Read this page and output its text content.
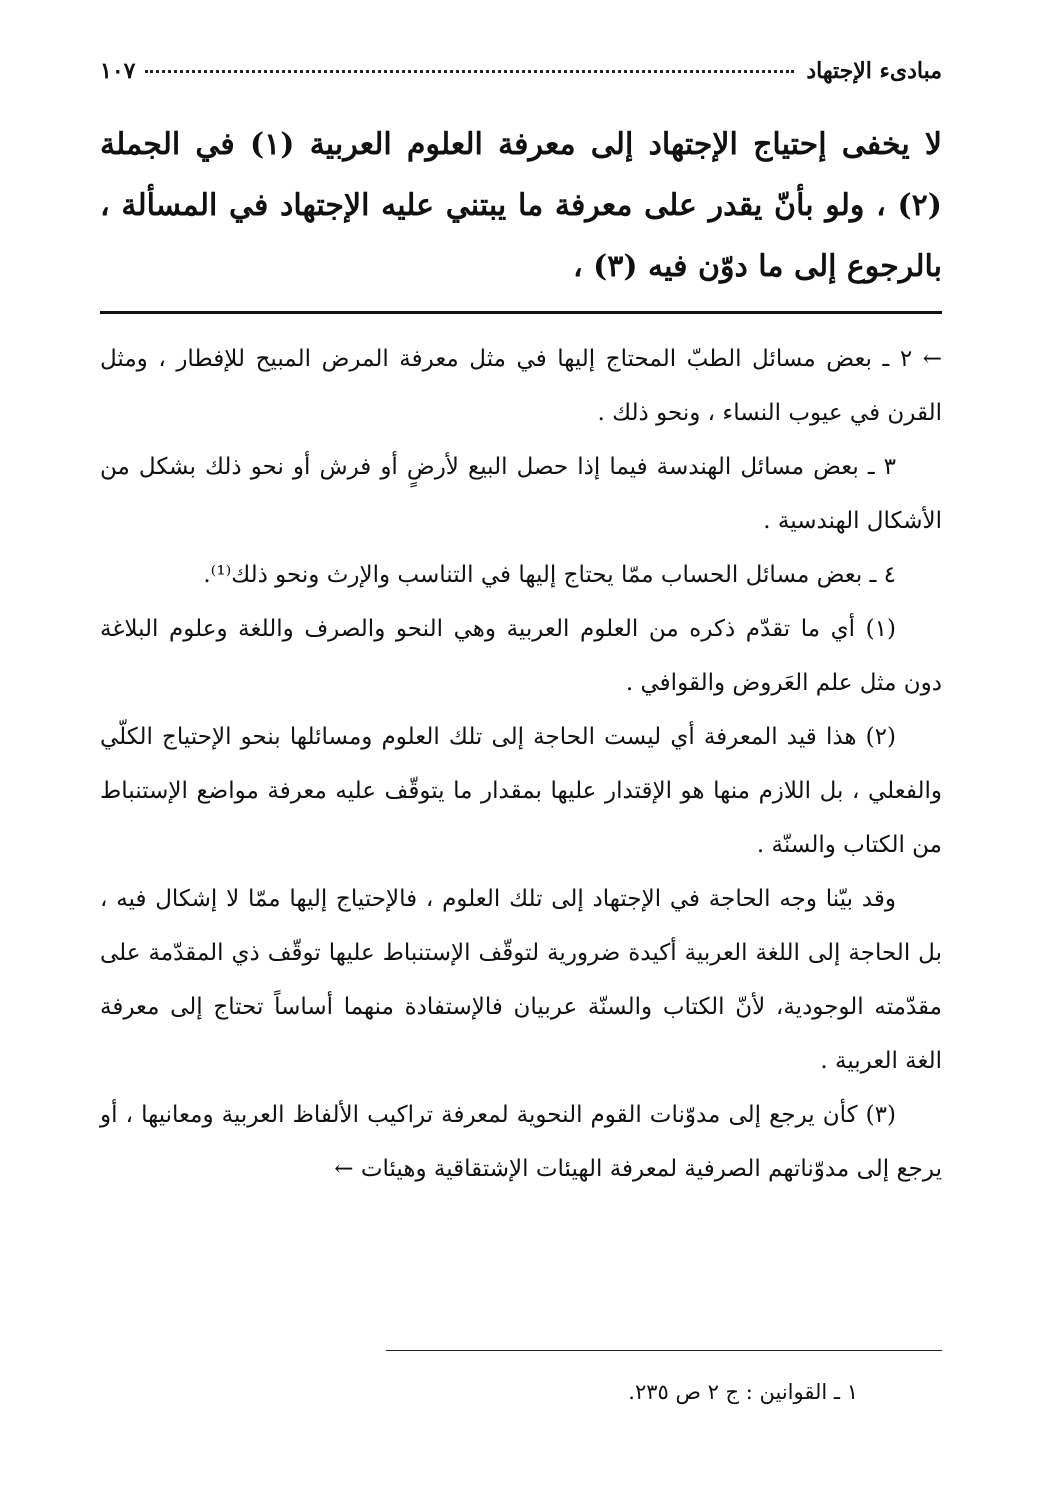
مبادىء الإجتهاد
١٠٧

لا يخفى إحتياج الإجتهاد إلى معرفة العلوم العربية (١) في الجملة (٢) ، ولو بأنّ يقدر على معرفة ما يبتني عليه الإجتهاد في المسألة ، بالرجوع إلى ما دوّن فيه (٣) ،

← ٢ ـ بعض مسائل الطبّ المحتاج إليها في مثل معرفة المرض المبيح للإفطار ، ومثل القرن في عيوب النساء ، ونحو ذلك .

٣ ـ بعض مسائل الهندسة فيما إذا حصل البيع لأرضٍ أو فرش أو نحو ذلك بشكل من الأشكال الهندسية .

٤ ـ بعض مسائل الحساب ممّا يحتاج إليها في التناسب والإرث ونحو ذلك⁽¹⁾.

(١) أي ما تقدّم ذكره من العلوم العربية وهي النحو والصرف واللغة وعلوم البلاغة دون مثل علم العَروض والقوافي .

(٢) هذا قيد المعرفة أي ليست الحاجة إلى تلك العلوم ومسائلها بنحو الإحتياج الكلّي والفعلي ، بل اللازم منها هو الإقتدار عليها بمقدار ما يتوقّف عليه معرفة مواضع الإستنباط من الكتاب والسنّة .

وقد بيّنا وجه الحاجة في الإجتهاد إلى تلك العلوم ، فالإحتياج إليها ممّا لا إشكال فيه ، بل الحاجة إلى اللغة العربية أكيدة ضرورية لتوقّف الإستنباط عليها توقّف ذي المقدّمة على مقدّمته الوجودية، لأنّ الكتاب والسنّة عربيان فالإستفادة منهما أساساً تحتاج إلى معرفة الغة العربية .

(٣) كأن يرجع إلى مدوّنات القوم النحوية لمعرفة تراكيب الألفاظ العربية ومعانيها ، أو يرجع إلى مدوّناتهم الصرفية لمعرفة الهيئات الإشتقاقية وهيئات ←

١ ـ القوانين : ج ٢ ص ٢٣٥.
